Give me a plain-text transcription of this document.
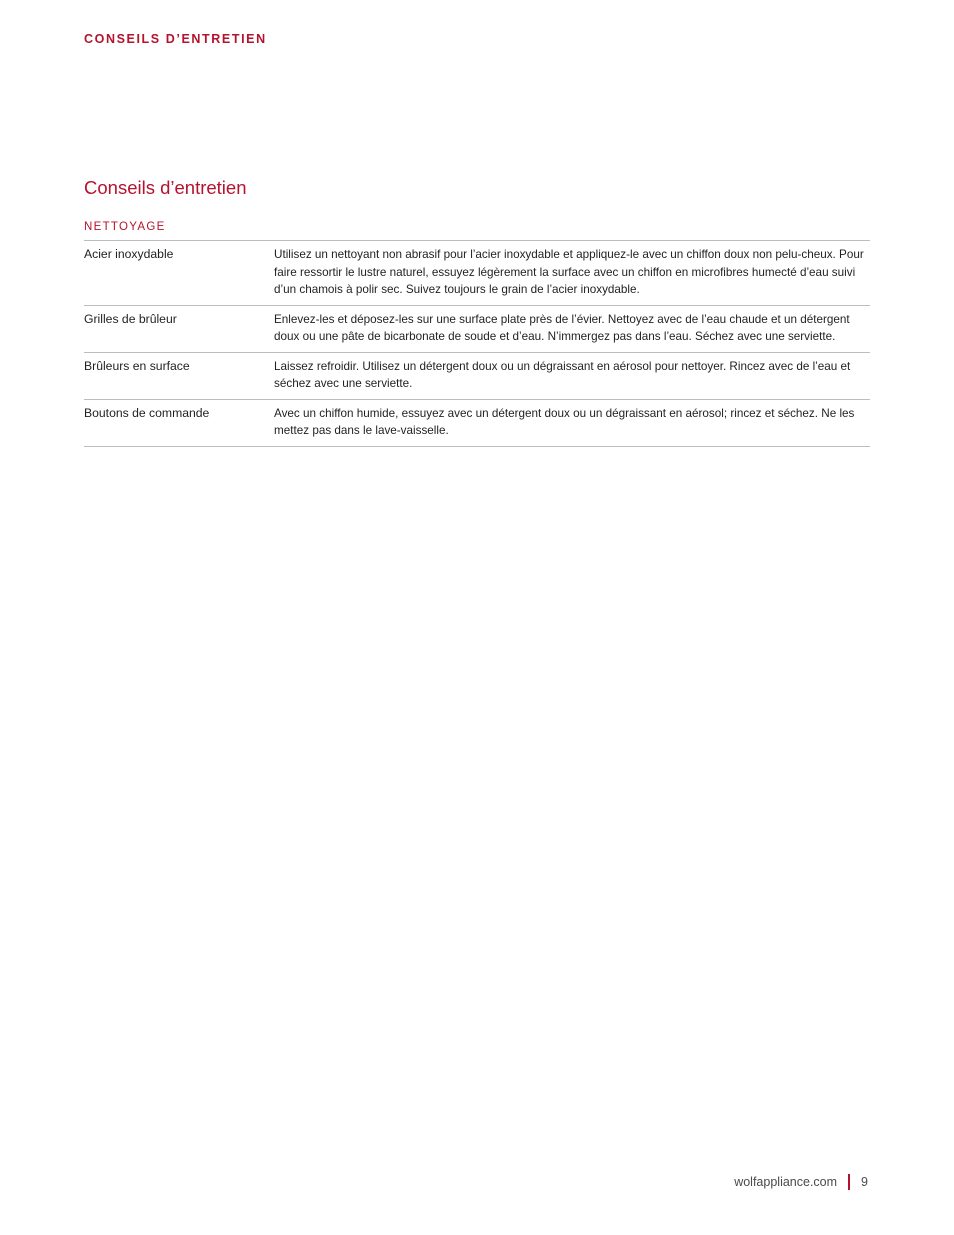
CONSEILS D’ENTRETIEN
Conseils d’entretien
NETTOYAGE
Acier inoxydable	Utilisez un nettoyant non abrasif pour l’acier inoxydable et appliquez-le avec un chiffon doux non pelu-cheux. Pour faire ressortir le lustre naturel, essuyez légèrement la surface avec un chiffon en microfibres humecté d’eau suivi d’un chamois à polir sec. Suivez toujours le grain de l’acier inoxydable.
Grilles de brûleur	Enlevez-les et déposez-les sur une surface plate près de l’évier. Nettoyez avec de l’eau chaude et un détergent doux ou une pâte de bicarbonate de soude et d’eau. N’immergez pas dans l’eau. Séchez avec une serviette.
Brûleurs en surface	Laissez refroidir. Utilisez un détergent doux ou un dégraissant en aérosol pour nettoyer. Rincez avec de l’eau et séchez avec une serviette.
Boutons de commande	Avec un chiffon humide, essuyez avec un détergent doux ou un dégraissant en aérosol; rincez et séchez. Ne les mettez pas dans le lave-vaisselle.
wolfappliance.com 9
